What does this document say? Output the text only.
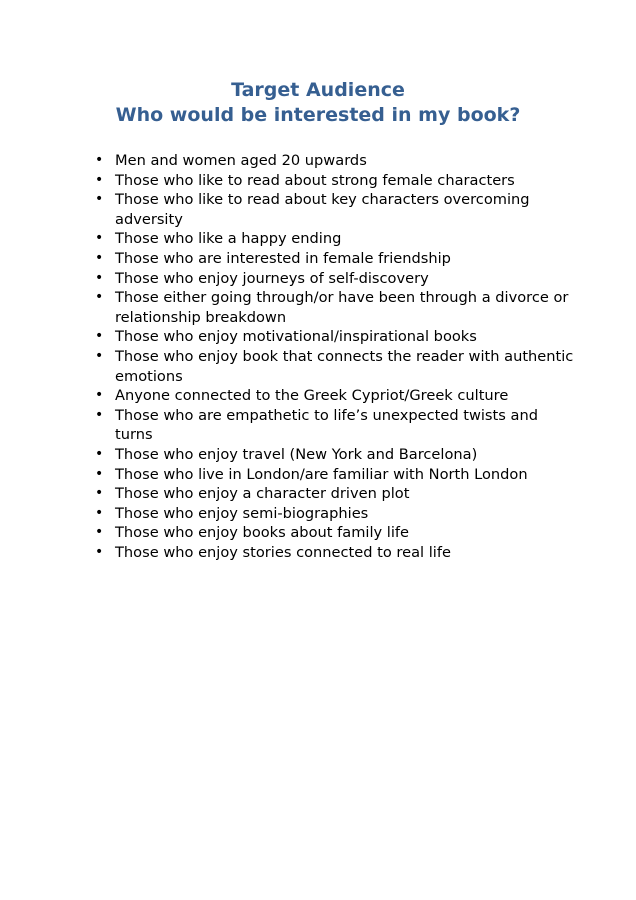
Target Audience
Who would be interested in my book?
• Men and women aged 20 upwards
• Those who like to read about strong female characters
• Those who like to read about key characters overcoming adversity
• Those who like a happy ending
• Those who are interested in female friendship
• Those who enjoy journeys of self-discovery
• Those either going through/or have been through a divorce or relationship breakdown
• Those who enjoy motivational/inspirational books
• Those who enjoy book that connects the reader with authentic emotions
• Anyone connected to the Greek Cypriot/Greek culture
• Those who are empathetic to life’s unexpected twists and turns
• Those who enjoy travel (New York and Barcelona)
• Those who live in London/are familiar with North London
• Those who enjoy a character driven plot
• Those who enjoy semi-biographies
• Those who enjoy books about family life
• Those who enjoy stories connected to real life
